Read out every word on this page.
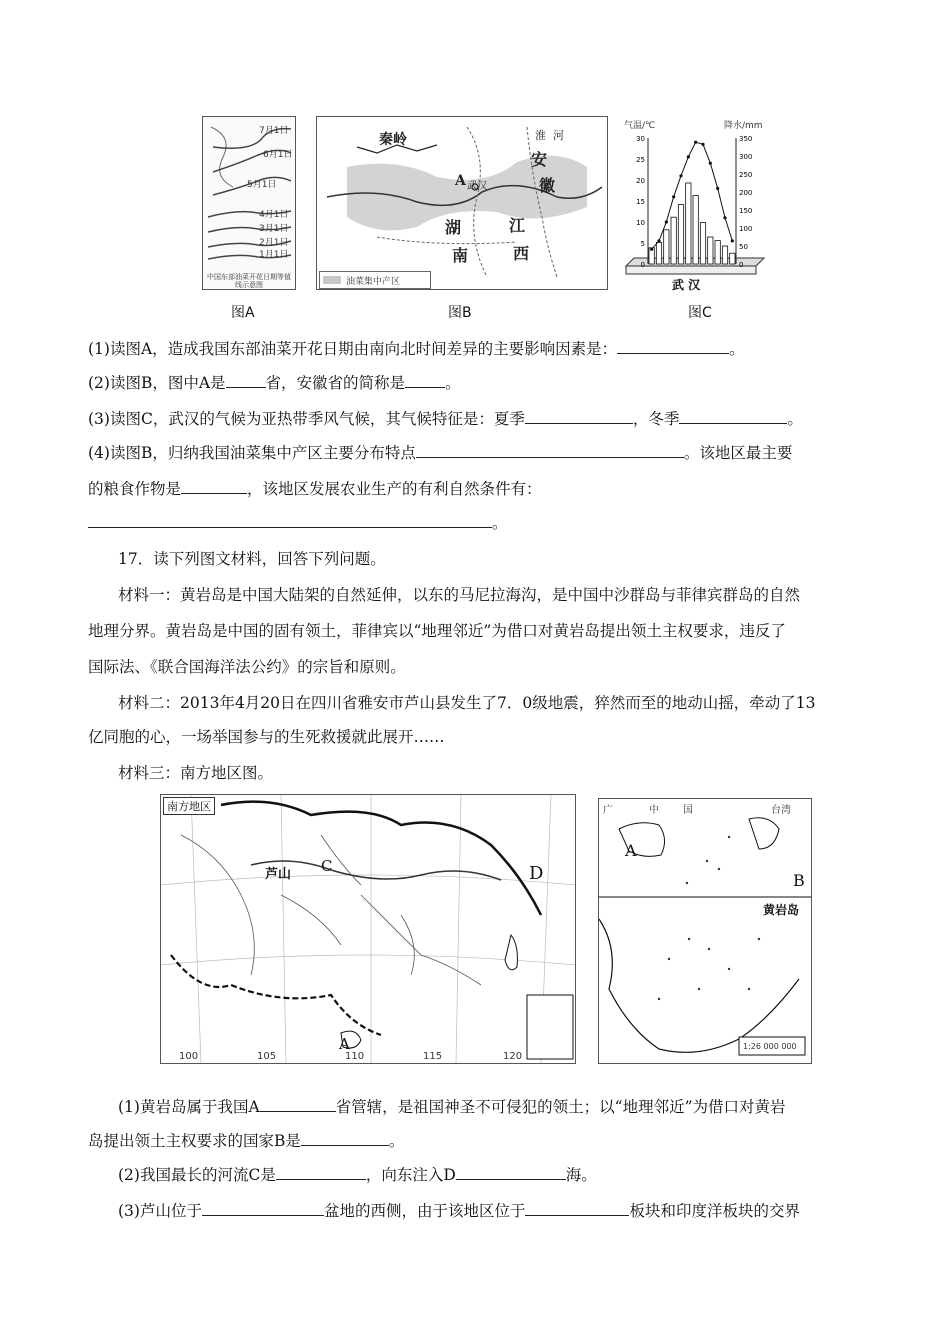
7月1日
6月1日
5月1日
4月1日
3月1日
2月1日
1月1日
中国东部油菜开花日期等值线示意图
图A
秦岭	淮 河
安
徽
A 武汉
湖
南
江
西
油菜集中产区
图B
气温/℃	降水/mm
30
25
20
15
10
5
0
350
300
250
200
150
100
50
0
武 汉
图C
(1)读图A，造成我国东部油菜开花日期由南向北时间差异的主要影响因素是：	。
(2)读图B，图中A是	省，安徽省的简称是	。
(3)读图C，武汉的气候为亚热带季风气候，其气候特征是：夏季	，冬季	。
(4)读图B，归纳我国油菜集中产区主要分布特点	。该地区最主要
的粮食作物是	，该地区发展农业生产的有利自然条件有：
。
17．读下列图文材料，回答下列问题。
材料一：黄岩岛是中国大陆架的自然延伸，以东的马尼拉海沟，是中国中沙群岛与菲律宾群岛的自然
地理分界。黄岩岛是中国的固有领土，菲律宾以“地理邻近”为借口对黄岩岛提出领土主权要求，违反了
国际法、《联合国海洋法公约》的宗旨和原则。
材料二：2013年4月20日在四川省雅安市芦山县发生了7．0级地震，猝然而至的地动山摇，牵动了13
亿同胞的心，一场举国参与的生死救援就此展开……
材料三：南方地区图。
南方地区
芦山 C	D
A
100	105	110	115	120
广	中 国	台湾
A
B
黄岩岛
1:26 000 000
(1)黄岩岛属于我国A	省管辖，是祖国神圣不可侵犯的领土；以“地理邻近”为借口对黄岩
岛提出领土主权要求的国家B是	。
(2)我国最长的河流C是	，向东注入D	海。
(3)芦山位于	盆地的西侧，由于该地区位于	板块和印度洋板块的交界
